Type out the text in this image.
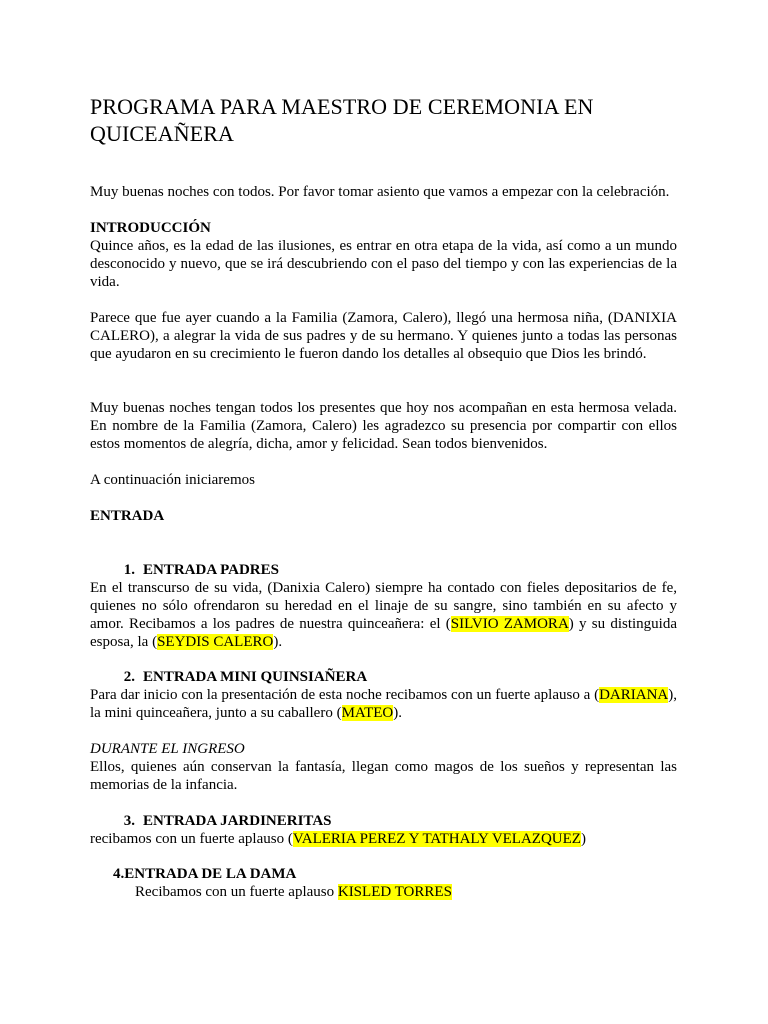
PROGRAMA PARA MAESTRO DE CEREMONIA EN QUICEAÑERA

Muy buenas noches con todos. Por favor tomar asiento que vamos a empezar con la celebración.

INTRODUCCIÓN

Quince años, es la edad de las ilusiones, es entrar en otra etapa de la vida, así como a un mundo desconocido y nuevo, que se irá descubriendo con el paso del tiempo y con las experiencias de la vida.

Parece que fue ayer cuando a la Familia (Zamora, Calero), llegó una hermosa niña, (DANIXIA CALERO), a alegrar la vida de sus padres y de su hermano. Y quienes junto a todas las personas que ayudaron en su crecimiento le fueron dando los detalles al obsequio que Dios les brindó.

Muy buenas noches tengan todos los presentes que hoy nos acompañan en esta hermosa velada. En nombre de la Familia (Zamora, Calero) les agradezco su presencia por compartir con ellos estos momentos de alegría, dicha, amor y felicidad. Sean todos bienvenidos.

A continuación iniciaremos

ENTRADA

1. ENTRADA PADRES

En el transcurso de su vida, (Danixia Calero) siempre ha contado con fieles depositarios de fe, quienes no sólo ofrendaron su heredad en el linaje de su sangre, sino también en su afecto y amor. Recibamos a los padres de nuestra quinceañera: el (SILVIO ZAMORA) y su distinguida esposa, la (SEYDIS CALERO).

2. ENTRADA MINI QUINSIAÑERA

Para dar inicio con la presentación de esta noche recibamos con un fuerte aplauso a (DARIANA), la mini quinceañera, junto a su caballero (MATEO).

DURANTE EL INGRESO

Ellos, quienes aún conservan la fantasía, llegan como magos de los sueños y representan las memorias de la infancia.

3. ENTRADA JARDINERITAS

recibamos con un fuerte aplauso (VALERIA PEREZ Y TATHALY VELAZQUEZ)

4.ENTRADA DE LA DAMA

Recibamos con un fuerte aplauso KISLED TORRES
